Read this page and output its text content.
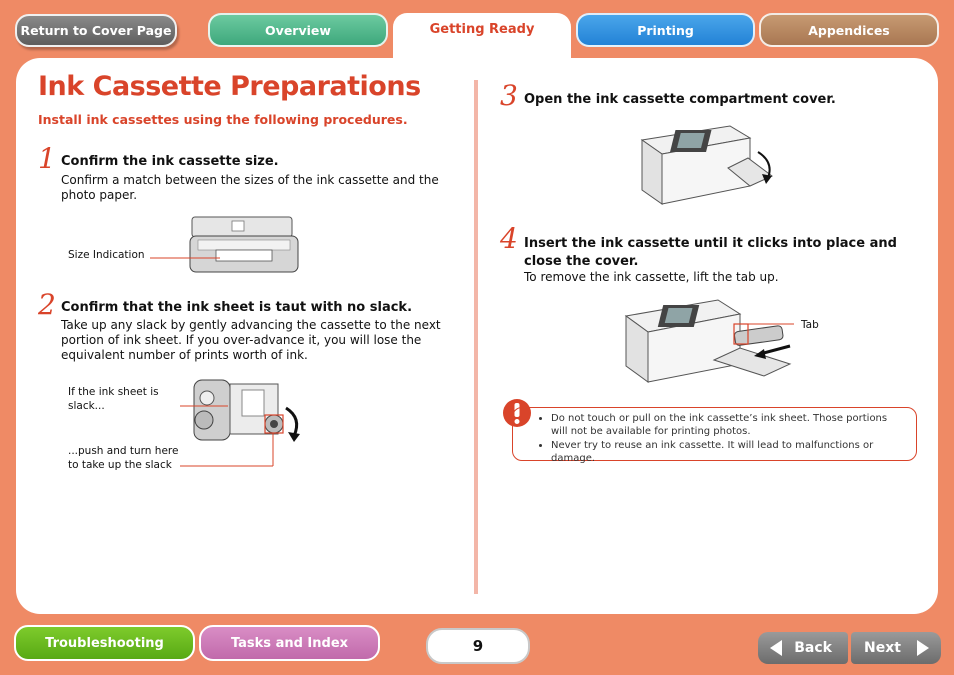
Return to Cover Page	Overview	Getting Ready	Printing	Appendices
Ink Cassette Preparations
Install ink cassettes using the following procedures.
1 Confirm the ink cassette size.
Confirm a match between the sizes of the ink cassette and the photo paper.
Size Indication
2 Confirm that the ink sheet is taut with no slack.
Take up any slack by gently advancing the cassette to the next portion of ink sheet. If you over-advance it, you will lose the equivalent number of prints worth of ink.
If the ink sheet is slack...
...push and turn here to take up the slack
3 Open the ink cassette compartment cover.
4 Insert the ink cassette until it clicks into place and close the cover.
To remove the ink cassette, lift the tab up.
Tab
• Do not touch or pull on the ink cassette’s ink sheet. Those portions will not be available for printing photos.
• Never try to reuse an ink cassette. It will lead to malfunctions or damage.
Troubleshooting	Tasks and Index	9	Back Next
